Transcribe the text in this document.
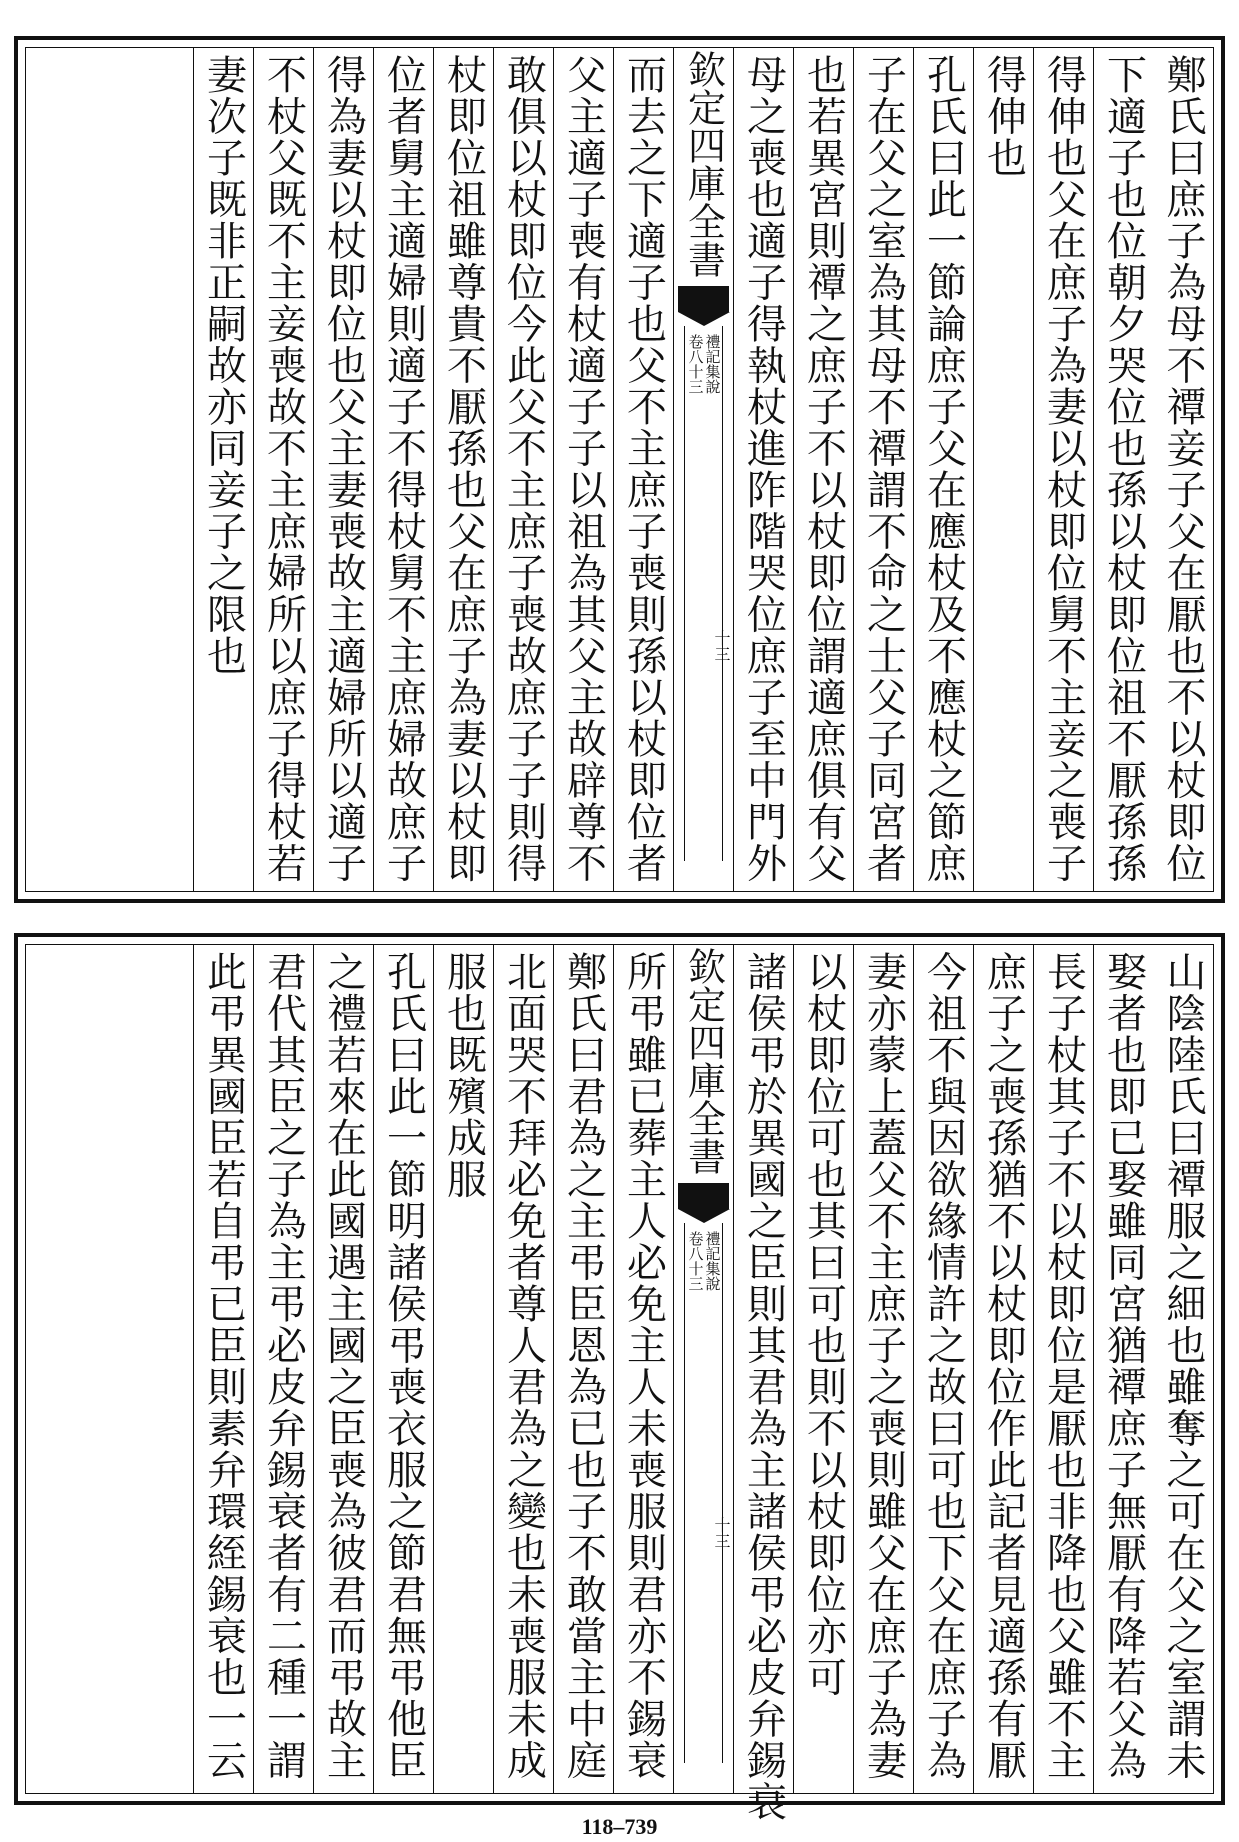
鄭氏曰庶子為母不禫妾子父在厭也不以杖即位
下適子也位朝夕哭位也孫以杖即位祖不厭孫孫
得伸也父在庶子為妻以杖即位舅不主妾之喪子
得伸也
孔氏曰此一節論庶子父在應杖及不應杖之節庶
子在父之室為其母不禫謂不命之士父子同宮者
也若異宮則禫之庶子不以杖即位謂適庶俱有父
母之喪也適子得執杖進阼階哭位庶子至中門外
欽定四庫全書
禮記集說
卷八十三
十三
而去之下適子也父不主庶子喪則孫以杖即位者
父主適子喪有杖適子子以祖為其父主故辟尊不
敢俱以杖即位今此父不主庶子喪故庶子子則得
杖即位祖雖尊貴不厭孫也父在庶子為妻以杖即
位者舅主適婦則適子不得杖舅不主庶婦故庶子
得為妻以杖即位也父主妻喪故主適婦所以適子
不杖父既不主妾喪故不主庶婦所以庶子得杖若
妻次子既非正嗣故亦同妾子之限也
山陰陸氏曰禫服之細也雖奪之可在父之室謂未
娶者也即已娶雖同宮猶禫庶子無厭有降若父為
長子杖其子不以杖即位是厭也非降也父雖不主
庶子之喪孫猶不以杖即位作此記者見適孫有厭
今祖不與因欲緣情許之故曰可也下父在庶子為
妻亦蒙上蓋父不主庶子之喪則雖父在庶子為妻
以杖即位可也其曰可也則不以杖即位亦可
諸侯弔於異國之臣則其君為主諸侯弔必皮弁錫衰
欽定四庫全書
禮記集說
卷八十三
十三
所弔雖已葬主人必免主人未喪服則君亦不錫衰
鄭氏曰君為之主弔臣恩為已也子不敢當主中庭
北面哭不拜必免者尊人君為之變也未喪服未成
服也既殯成服
孔氏曰此一節明諸侯弔喪衣服之節君無弔他臣
之禮若來在此國遇主國之臣喪為彼君而弔故主
君代其臣之子為主弔必皮弁錫衰者有二種一謂
此弔異國臣若自弔已臣則素弁環絰錫衰也一云
118–739
